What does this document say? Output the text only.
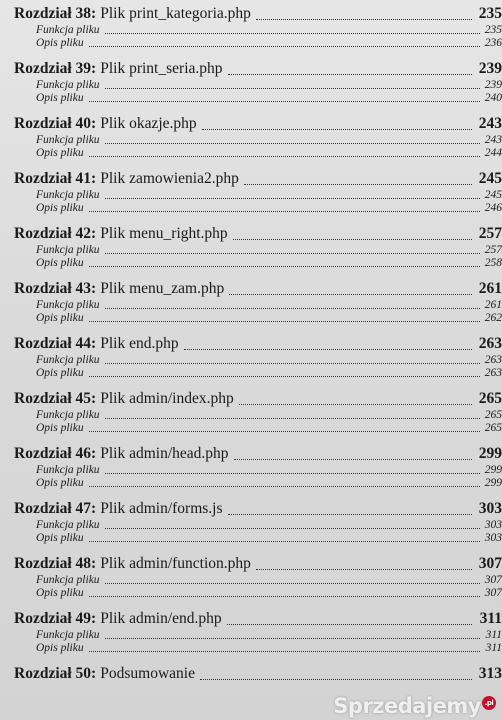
Rozdział 38: Plik print_kategoria.php	235
Funkcja pliku	235
Opis pliku	236
Rozdział 39: Plik print_seria.php	239
Funkcja pliku	239
Opis pliku	240
Rozdział 40: Plik okazje.php	243
Funkcja pliku	243
Opis pliku	244
Rozdział 41: Plik zamowienia2.php	245
Funkcja pliku	245
Opis pliku	246
Rozdział 42: Plik menu_right.php	257
Funkcja pliku	257
Opis pliku	258
Rozdział 43: Plik menu_zam.php	261
Funkcja pliku	261
Opis pliku	262
Rozdział 44: Plik end.php	263
Funkcja pliku	263
Opis pliku	263
Rozdział 45: Plik admin/index.php	265
Funkcja pliku	265
Opis pliku	265
Rozdział 46: Plik admin/head.php	299
Funkcja pliku	299
Opis pliku	299
Rozdział 47: Plik admin/forms.js	303
Funkcja pliku	303
Opis pliku	303
Rozdział 48: Plik admin/function.php	307
Funkcja pliku	307
Opis pliku	307
Rozdział 49: Plik admin/end.php	311
Funkcja pliku	311
Opis pliku	311
Rozdział 50: Podsumowanie	313
Sprzedajemy .pl
